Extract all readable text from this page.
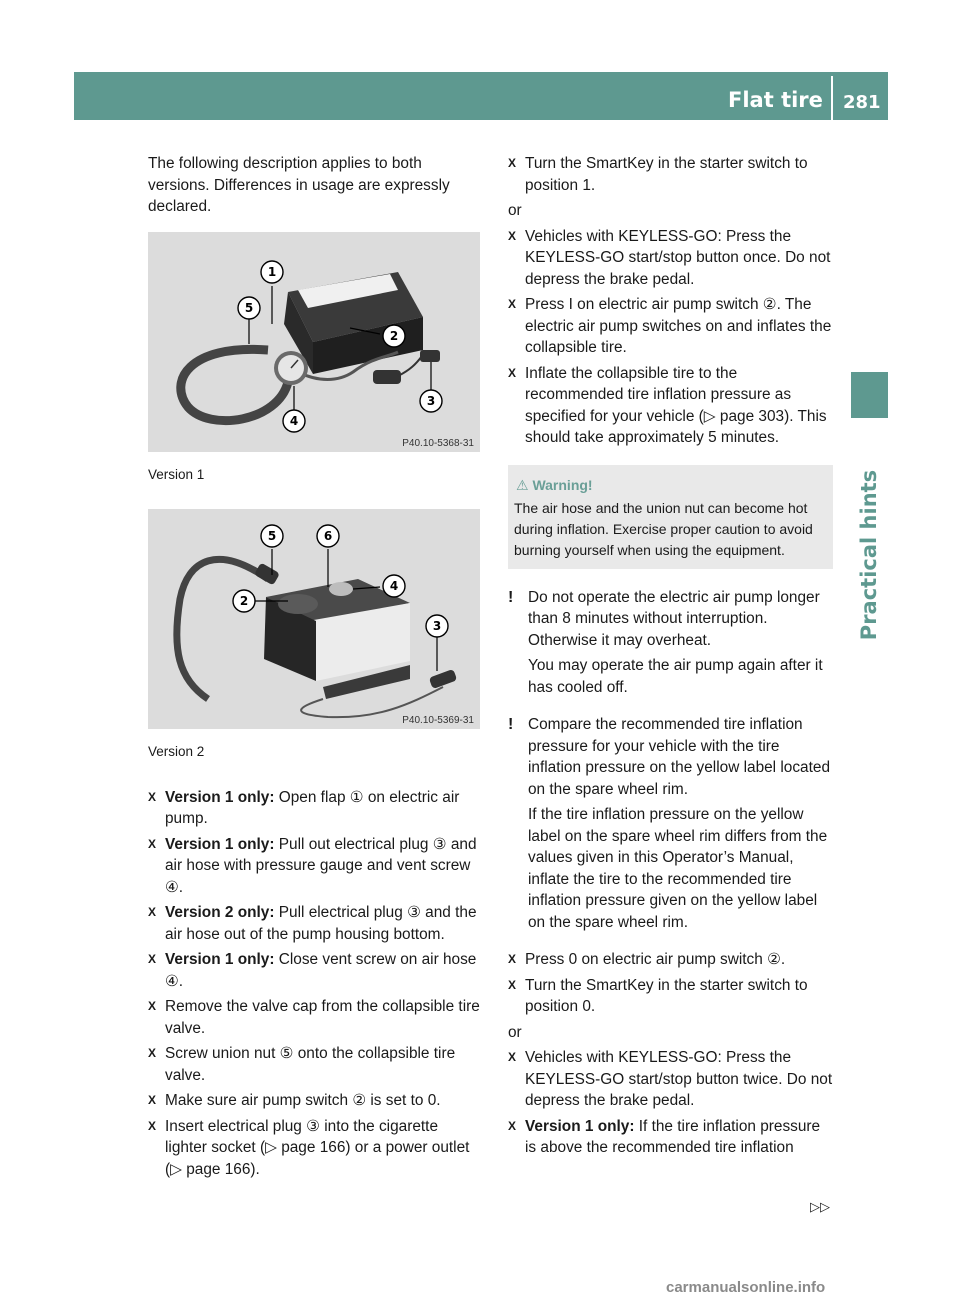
Flat tire 281
Practical hints

The following description applies to both versions. Differences in usage are expressly declared.

1
5
2
3
4
P40.10-5368-31

Version 1

5	6
4
2
3
P40.10-5369-31

Version 2

X Version 1 only: Open flap ① on electric air pump.
X Version 1 only: Pull out electrical plug ③ and air hose with pressure gauge and vent screw ④.
X Version 2 only: Pull electrical plug ③ and the air hose out of the pump housing bottom.
X Version 1 only: Close vent screw on air hose ④.
X Remove the valve cap from the collapsible tire valve.
X Screw union nut ⑤ onto the collapsible tire valve.
X Make sure air pump switch ② is set to 0.
X Insert electrical plug ③ into the cigarette lighter socket (▷ page 166) or a power outlet (▷ page 166).
X Turn the SmartKey in the starter switch to position 1.

or

X Vehicles with KEYLESS-GO: Press the KEYLESS-GO start/stop button once. Do not depress the brake pedal.
X Press I on electric air pump switch ②. The electric air pump switches on and inflates the collapsible tire.
X Inflate the collapsible tire to the recommended tire inflation pressure as specified for your vehicle (▷ page 303). This should take approximately 5 minutes.
⚠ Warning!

The air hose and the union nut can become hot during inflation. Exercise proper caution to avoid burning yourself when using the equipment.

! Do not operate the electric air pump longer than 8 minutes without interruption. Otherwise it may overheat.

You may operate the air pump again after it has cooled off.

! Compare the recommended tire inflation pressure for your vehicle with the tire inflation pressure on the yellow label located on the spare wheel rim.

If the tire inflation pressure on the yellow label on the spare wheel rim differs from the values given in this Operator’s Manual, inflate the tire to the recommended tire inflation pressure given on the yellow label on the spare wheel rim.

X Press 0 on electric air pump switch ②.
X Turn the SmartKey in the starter switch to position 0.

or

X Vehicles with KEYLESS-GO: Press the KEYLESS-GO start/stop button twice. Do not depress the brake pedal.
X Version 1 only: If the tire inflation pressure is above the recommended tire inflation
▷▷
carmanualsonline.info
